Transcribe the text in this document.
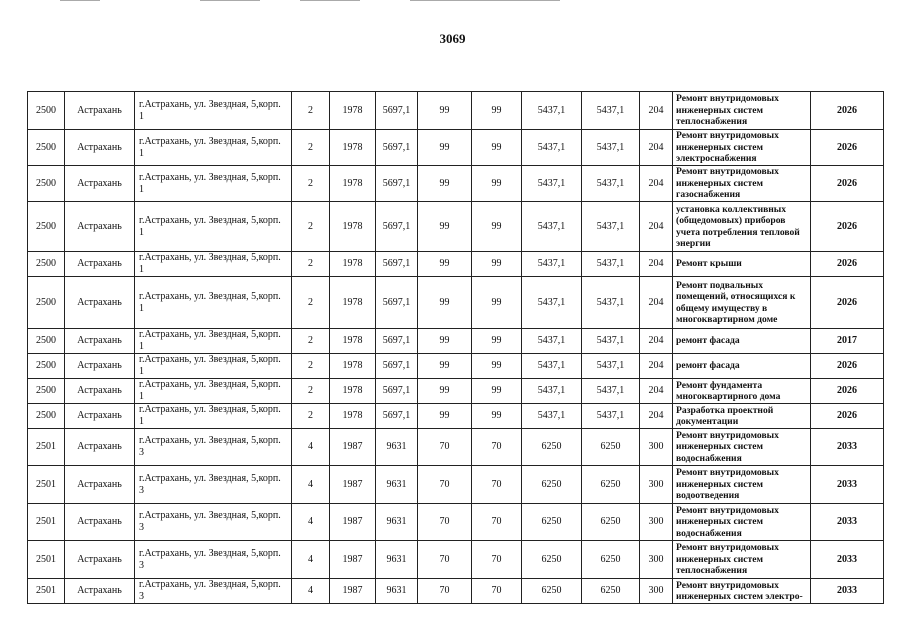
3069
2500	Астрахань	г.Астрахань, ул. Звездная, 5,корп. 1	2	1978	5697,1	99	99	5437,1	5437,1	204	Ремонт внутридомовых инженерных систем теплоснабжения	2026
2500	Астрахань	г.Астрахань, ул. Звездная, 5,корп. 1	2	1978	5697,1	99	99	5437,1	5437,1	204	Ремонт внутридомовых инженерных систем электроснабжения	2026
2500	Астрахань	г.Астрахань, ул. Звездная, 5,корп. 1	2	1978	5697,1	99	99	5437,1	5437,1	204	Ремонт внутридомовых инженерных систем газоснабжения	2026
2500	Астрахань	г.Астрахань, ул. Звездная, 5,корп. 1	2	1978	5697,1	99	99	5437,1	5437,1	204	установка коллективных (общедомовых) приборов учета потребления тепловой энергии	2026
2500	Астрахань	г.Астрахань, ул. Звездная, 5,корп. 1	2	1978	5697,1	99	99	5437,1	5437,1	204	Ремонт крыши	2026
2500	Астрахань	г.Астрахань, ул. Звездная, 5,корп. 1	2	1978	5697,1	99	99	5437,1	5437,1	204	Ремонт подвальных помещений, относящихся к общему имуществу в многоквартирном доме	2026
2500	Астрахань	г.Астрахань, ул. Звездная, 5,корп. 1	2	1978	5697,1	99	99	5437,1	5437,1	204	ремонт фасада	2017
2500	Астрахань	г.Астрахань, ул. Звездная, 5,корп. 1	2	1978	5697,1	99	99	5437,1	5437,1	204	ремонт фасада	2026
2500	Астрахань	г.Астрахань, ул. Звездная, 5,корп. 1	2	1978	5697,1	99	99	5437,1	5437,1	204	Ремонт фундамента многоквартирного дома	2026
2500	Астрахань	г.Астрахань, ул. Звездная, 5,корп. 1	2	1978	5697,1	99	99	5437,1	5437,1	204	Разработка проектной документации	2026
2501	Астрахань	г.Астрахань, ул. Звездная, 5,корп. 3	4	1987	9631	70	70	6250	6250	300	Ремонт внутридомовых инженерных систем водоснабжения	2033
2501	Астрахань	г.Астрахань, ул. Звездная, 5,корп. 3	4	1987	9631	70	70	6250	6250	300	Ремонт внутридомовых инженерных систем водоотведения	2033
2501	Астрахань	г.Астрахань, ул. Звездная, 5,корп. 3	4	1987	9631	70	70	6250	6250	300	Ремонт внутридомовых инженерных систем водоснабжения	2033
2501	Астрахань	г.Астрахань, ул. Звездная, 5,корп. 3	4	1987	9631	70	70	6250	6250	300	Ремонт внутридомовых инженерных систем теплоснабжения	2033
2501	Астрахань	г.Астрахань, ул. Звездная, 5,корп. 3	4	1987	9631	70	70	6250	6250	300	Ремонт внутридомовых инженерных систем электро-	2033
